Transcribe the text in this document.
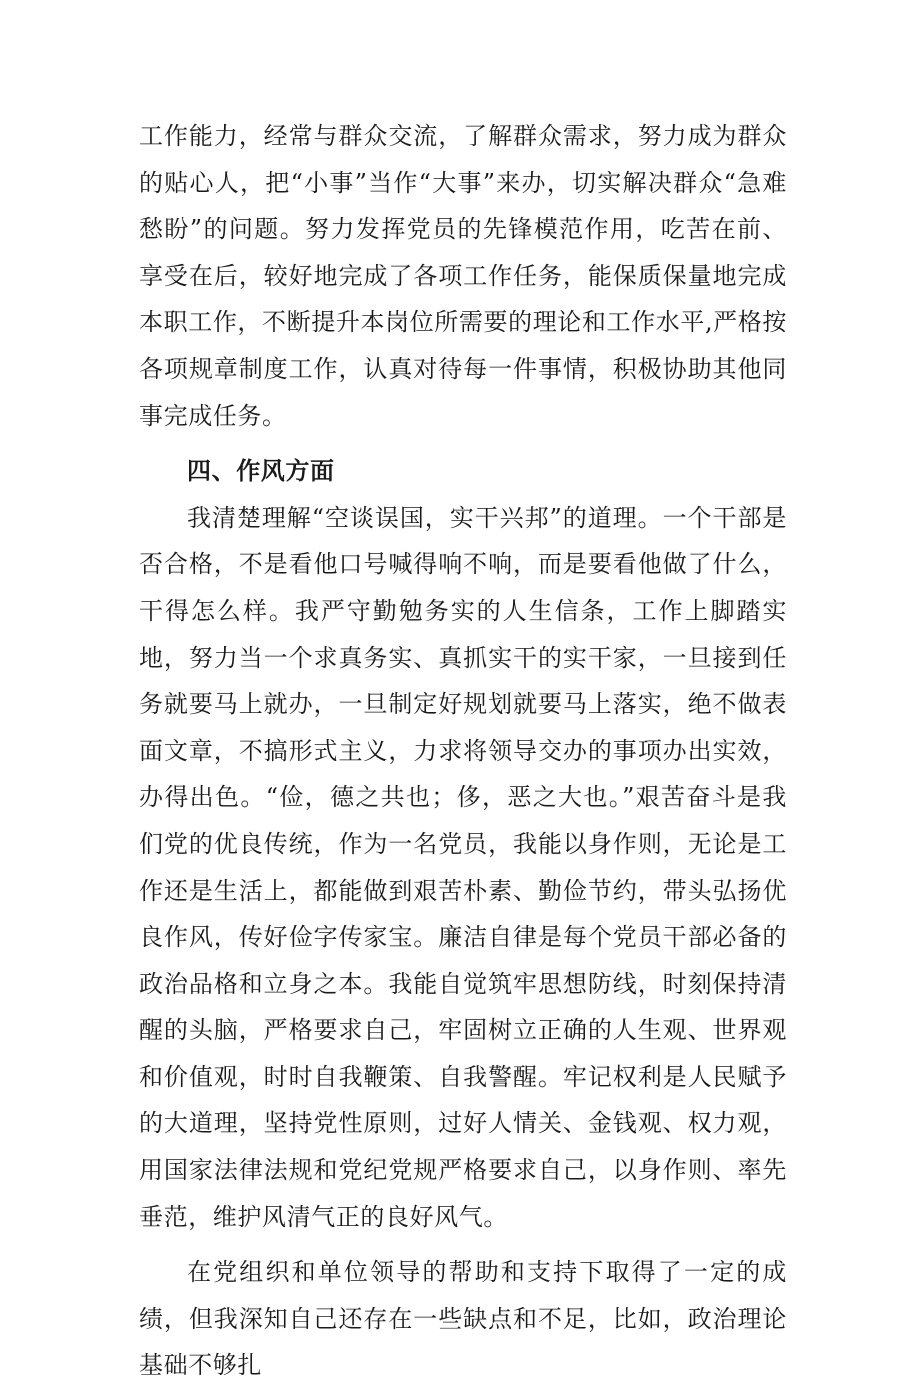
工作能力，经常与群众交流，了解群众需求，努力成为群众的贴心人，把“小事”当作“大事”来办，切实解决群众“急难愁盼”的问题。努力发挥党员的先锋模范作用，吃苦在前、享受在后，较好地完成了各项工作任务，能保质保量地完成本职工作，不断提升本岗位所需要的理论和工作水平,严格按各项规章制度工作，认真对待每一件事情，积极协助其他同事完成任务。

四、作风方面

我清楚理解“空谈误国，实干兴邦”的道理。一个干部是否合格，不是看他口号喊得响不响，而是要看他做了什么，干得怎么样。我严守勤勉务实的人生信条，工作上脚踏实地，努力当一个求真务实、真抓实干的实干家，一旦接到任务就要马上就办，一旦制定好规划就要马上落实，绝不做表面文章，不搞形式主义，力求将领导交办的事项办出实效，办得出色。“俭，德之共也；侈，恶之大也。”艰苦奋斗是我们党的优良传统，作为一名党员，我能以身作则，无论是工作还是生活上，都能做到艰苦朴素、勤俭节约，带头弘扬优良作风，传好俭字传家宝。廉洁自律是每个党员干部必备的政治品格和立身之本。我能自觉筑牢思想防线，时刻保持清醒的头脑，严格要求自己，牢固树立正确的人生观、世界观和价值观，时时自我鞭策、自我警醒。牢记权利是人民赋予的大道理，坚持党性原则，过好人情关、金钱观、权力观，用国家法律法规和党纪党规严格要求自己，以身作则、率先垂范，维护风清气正的良好风气。

在党组织和单位领导的帮助和支持下取得了一定的成绩，但我深知自己还存在一些缺点和不足，比如，政治理论基础不够扎
